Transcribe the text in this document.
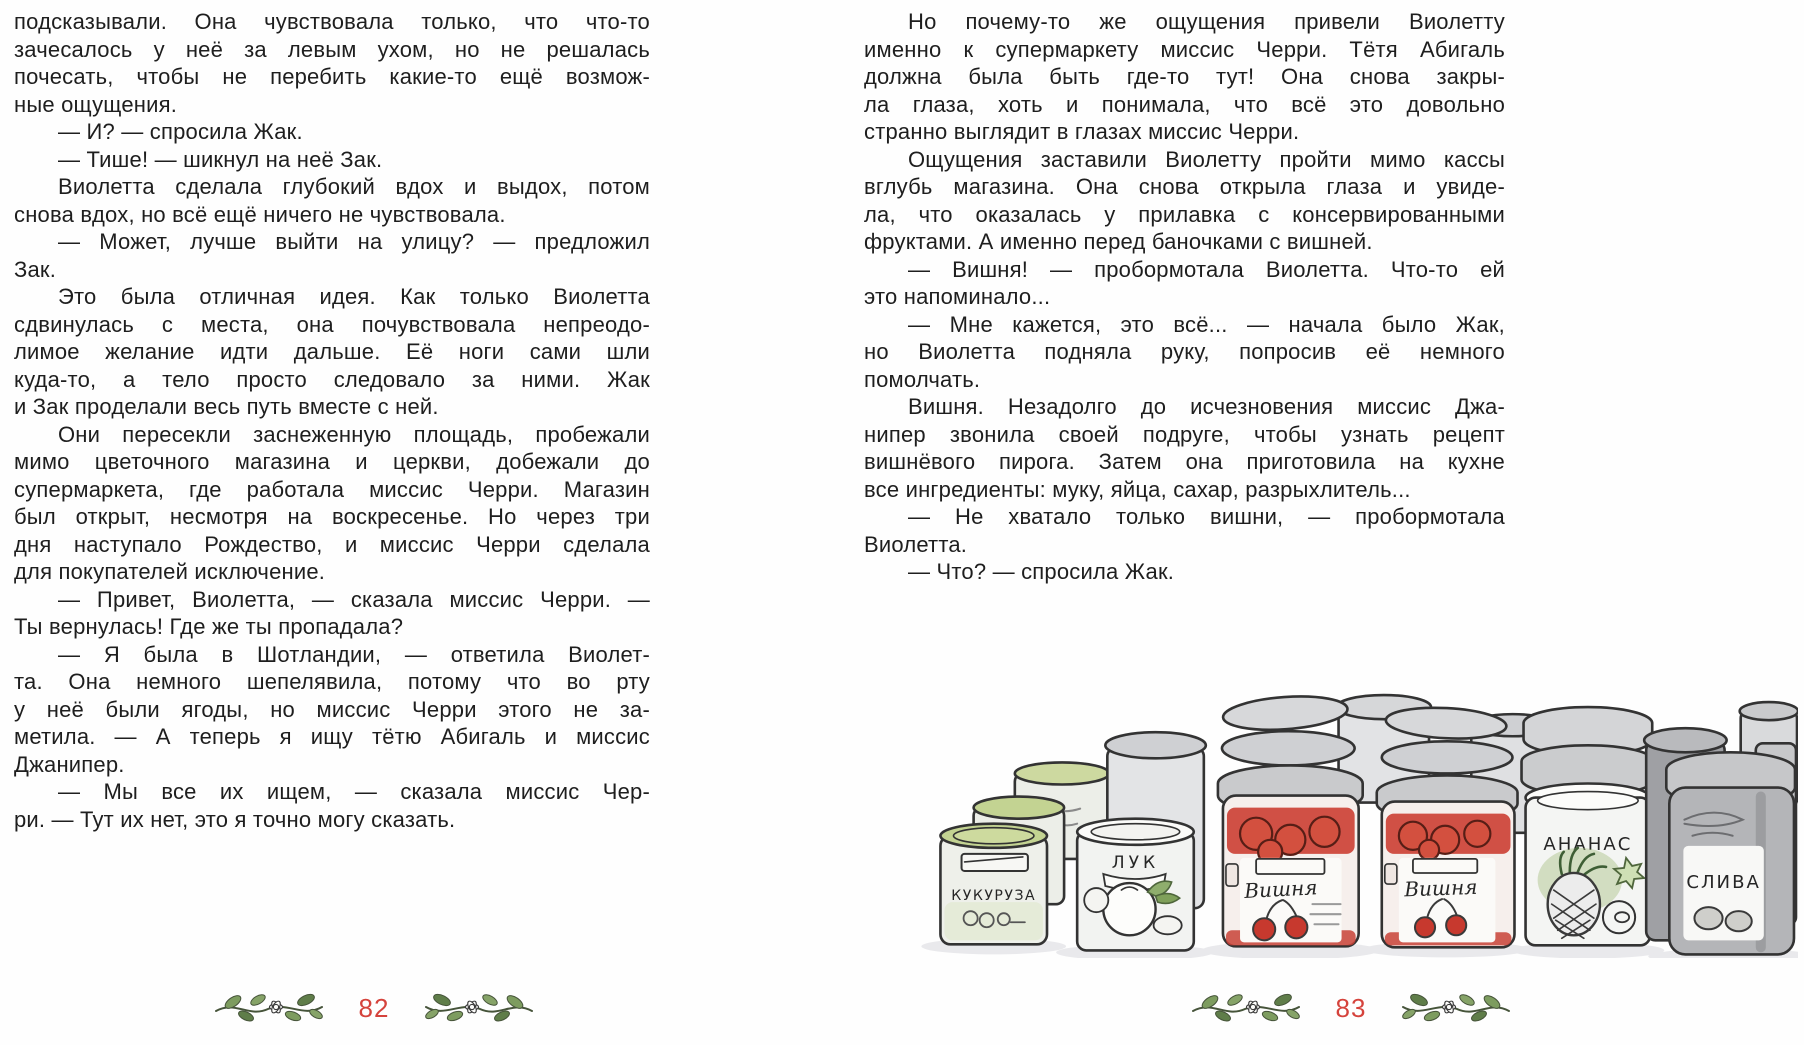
подсказывали. Она чувствовала только, что что-то
зачесалось у неё за левым ухом, но не решалась
почесать, чтобы не перебить какие-то ещё возмож-
ные ощущения.
— И? — спросила Жак.
— Тише! — шикнул на неё Зак.
Виолетта сделала глубокий вдох и выдох, потом
снова вдох, но всё ещё ничего не чувствовала.
— Может, лучше выйти на улицу? — предложил
Зак.
Это была отличная идея. Как только Виолетта
сдвинулась с места, она почувствовала непреодо-
лимое желание идти дальше. Её ноги сами шли
куда-то, а тело просто следовало за ними. Жак
и Зак проделали весь путь вместе с ней.
Они пересекли заснеженную площадь, пробежали
мимо цветочного магазина и церкви, добежали до
супермаркета, где работала миссис Черри. Магазин
был открыт, несмотря на воскресенье. Но через три
дня наступало Рождество, и миссис Черри сделала
для покупателей исключение.
— Привет, Виолетта, — сказала миссис Черри. —
Ты вернулась! Где же ты пропадала?
— Я была в Шотландии, — ответила Виолет-
та. Она немного шепелявила, потому что во рту
у неё были ягоды, но миссис Черри этого не за-
метила. — А теперь я ищу тётю Абигаль и миссис
Джанипер.
— Мы все их ищем, — сказала миссис Чер-
ри. — Тут их нет, это я точно могу сказать.
82
Но почему-то же ощущения привели Виолетту
именно к супермаркету миссис Черри. Тётя Абигаль
должна была быть где-то тут! Она снова закры-
ла глаза, хоть и понимала, что всё это довольно
странно выглядит в глазах миссис Черри.
Ощущения заставили Виолетту пройти мимо кассы
вглубь магазина. Она снова открыла глаза и увиде-
ла, что оказалась у прилавка с консервированными
фруктами. А именно перед баночками с вишней.
— Вишня! — пробормотала Виолетта. Что-то ей
это напоминало...
— Мне кажется, это всё... — начала было Жак,
но Виолетта подняла руку, попросив её немного
помолчать.
Вишня. Незадолго до исчезновения миссис Джа-
нипер звонила своей подруге, чтобы узнать рецепт
вишнёвого пирога. Затем она приготовила на кухне
все ингредиенты: муку, яйца, сахар, разрыхлитель...
— Не хватало только вишни, — пробормотала
Виолетта.
— Что? — спросила Жак.
КУКУРУЗА
ЛУК
Вишня	Вишня
АНАНАС
СЛИВА
83
